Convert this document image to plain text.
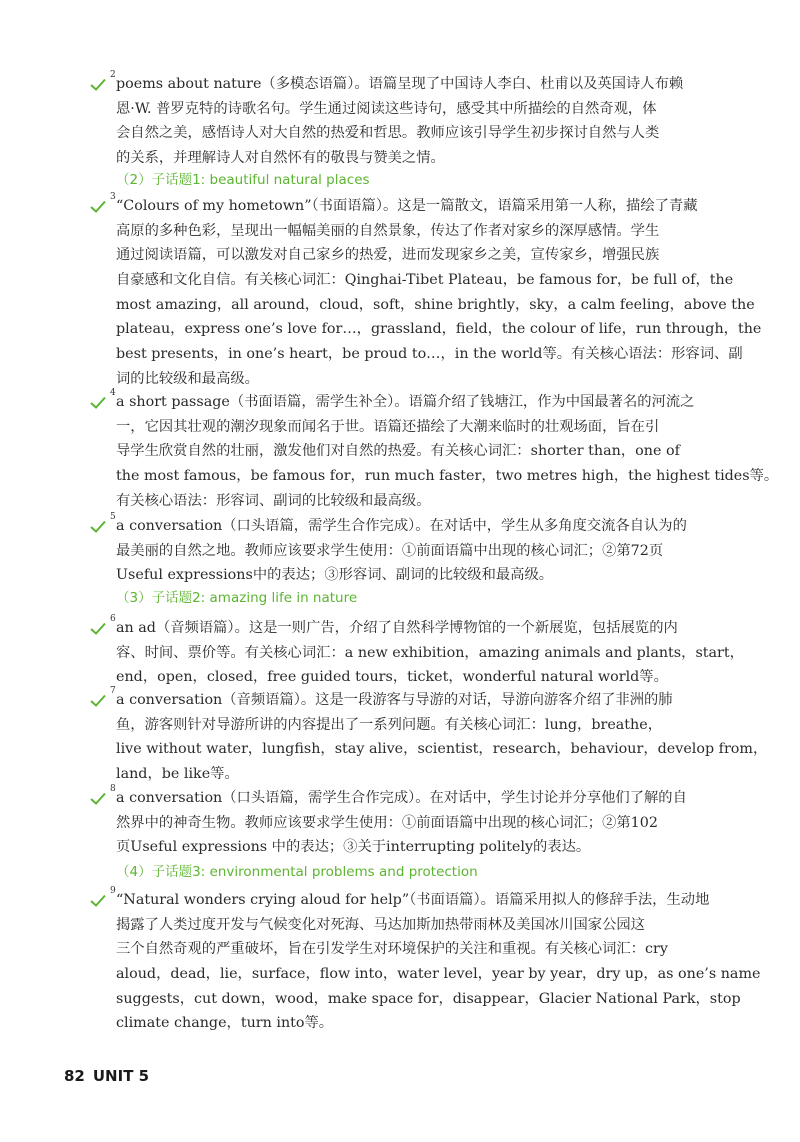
2

poems about nature（多模态语篇）。语篇呈现了中国诗人李白、杜甫以及英国诗人布赖

恩·W. 普罗克特的诗歌名句。学生通过阅读这些诗句，感受其中所描绘的自然奇观，体

会自然之美，感悟诗人对大自然的热爱和哲思。教师应该引导学生初步探讨自然与人类

的关系，并理解诗人对自然怀有的敬畏与赞美之情。

（2）子话题1: beautiful natural places
3

“Colours of my hometown”（书面语篇）。这是一篇散文，语篇采用第一人称，描绘了青藏

高原的多种色彩，呈现出一幅幅美丽的自然景象，传达了作者对家乡的深厚感情。学生

通过阅读语篇，可以激发对自己家乡的热爱，进而发现家乡之美，宣传家乡，增强民族

自豪感和文化自信。有关核心词汇：Qinghai-Tibet Plateau，be famous for，be full of，the

most amazing，all around，cloud，soft，shine brightly，sky，a calm feeling，above the

plateau，express one’s love for…，grassland，field，the colour of life，run through，the

best presents，in one’s heart，be proud to…，in the world等。有关核心语法：形容词、副

词的比较级和最高级。

4

a short passage（书面语篇，需学生补全）。语篇介绍了钱塘江，作为中国最著名的河流之

一，它因其壮观的潮汐现象而闻名于世。语篇还描绘了大潮来临时的壮观场面，旨在引

导学生欣赏自然的壮丽，激发他们对自然的热爱。有关核心词汇：shorter than，one of

the most famous，be famous for，run much faster，two metres high，the highest tides等。

有关核心语法：形容词、副词的比较级和最高级。

5

a conversation（口头语篇，需学生合作完成）。在对话中，学生从多角度交流各自认为的

最美丽的自然之地。教师应该要求学生使用：①前面语篇中出现的核心词汇；②第72页

Useful expressions中的表达；③形容词、副词的比较级和最高级。

（3）子话题2: amazing life in nature
6

an ad（音频语篇）。这是一则广告，介绍了自然科学博物馆的一个新展览，包括展览的内

容、时间、票价等。有关核心词汇：a new exhibition，amazing animals and plants，start，

end，open，closed，free guided tours，ticket，wonderful natural world等。

7

a conversation（音频语篇）。这是一段游客与导游的对话，导游向游客介绍了非洲的肺

鱼，游客则针对导游所讲的内容提出了一系列问题。有关核心词汇：lung，breathe，

live without water，lungfish，stay alive，scientist，research，behaviour，develop from，

land，be like等。

8

a conversation（口头语篇，需学生合作完成）。在对话中，学生讨论并分享他们了解的自

然界中的神奇生物。教师应该要求学生使用：①前面语篇中出现的核心词汇；②第102

页Useful expressions 中的表达；③关于interrupting politely的表达。

（4）子话题3: environmental problems and protection
9

“Natural wonders crying aloud for help”（书面语篇）。语篇采用拟人的修辞手法，生动地

揭露了人类过度开发与气候变化对死海、马达加斯加热带雨林及美国冰川国家公园这

三个自然奇观的严重破坏，旨在引发学生对环境保护的关注和重视。有关核心词汇：cry

aloud，dead，lie，surface，flow into，water level，year by year，dry up，as one’s name

suggests，cut down，wood，make space for，disappear，Glacier National Park，stop

climate change，turn into等。

82 UNIT 5
